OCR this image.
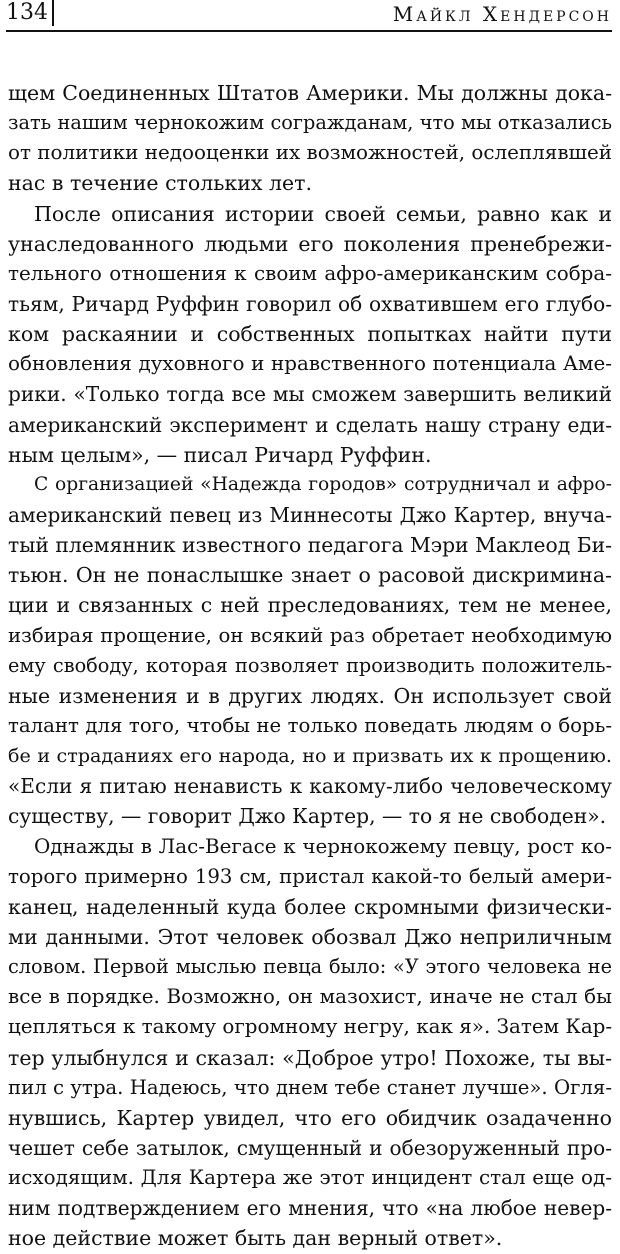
134	Майкл Хендерсон
щем Соединенных Штатов Америки. Мы должны дока-
зать нашим чернокожим согражданам, что мы отказались
от политики недооценки их возможностей, ослеплявшей
нас в течение стольких лет.
После описания истории своей семьи, равно как и
унаследованного людьми его поколения пренебрежи-
тельного отношения к своим афро-американским собра-
тьям, Ричард Руффин говорил об охватившем его глубо-
ком раскаянии и собственных попытках найти пути
обновления духовного и нравственного потенциала Аме-
рики. «Только тогда все мы сможем завершить великий
американский эксперимент и сделать нашу страну еди-
ным целым», — писал Ричард Руффин.
С организацией «Надежда городов» сотрудничал и афро-
американский певец из Миннесоты Джо Картер, внуча-
тый племянник известного педагога Мэри Маклеод Би-
тьюн. Он не понаслышке знает о расовой дискримина-
ции и связанных с ней преследованиях, тем не менее,
избирая прощение, он всякий раз обретает необходимую
ему свободу, которая позволяет производить положитель-
ные изменения и в других людях. Он использует свой
талант для того, чтобы не только поведать людям о борь-
бе и страданиях его народа, но и призвать их к прощению.
«Если я питаю ненависть к какому-либо человеческому
существу, — говорит Джо Картер, — то я не свободен».
Однажды в Лас-Вегасе к чернокожему певцу, рост ко-
торого примерно 193 см, пристал какой-то белый амери-
канец, наделенный куда более скромными физически-
ми данными. Этот человек обозвал Джо неприличным
словом. Первой мыслью певца было: «У этого человека не
все в порядке. Возможно, он мазохист, иначе не стал бы
цепляться к такому огромному негру, как я». Затем Кар-
тер улыбнулся и сказал: «Доброе утро! Похоже, ты вы-
пил с утра. Надеюсь, что днем тебе станет лучше». Огля-
нувшись, Картер увидел, что его обидчик озадаченно
чешет себе затылок, смущенный и обезоруженный про-
исходящим. Для Картера же этот инцидент стал еще од-
ним подтверждением его мнения, что «на любое невер-
ное действие может быть дан верный ответ».
